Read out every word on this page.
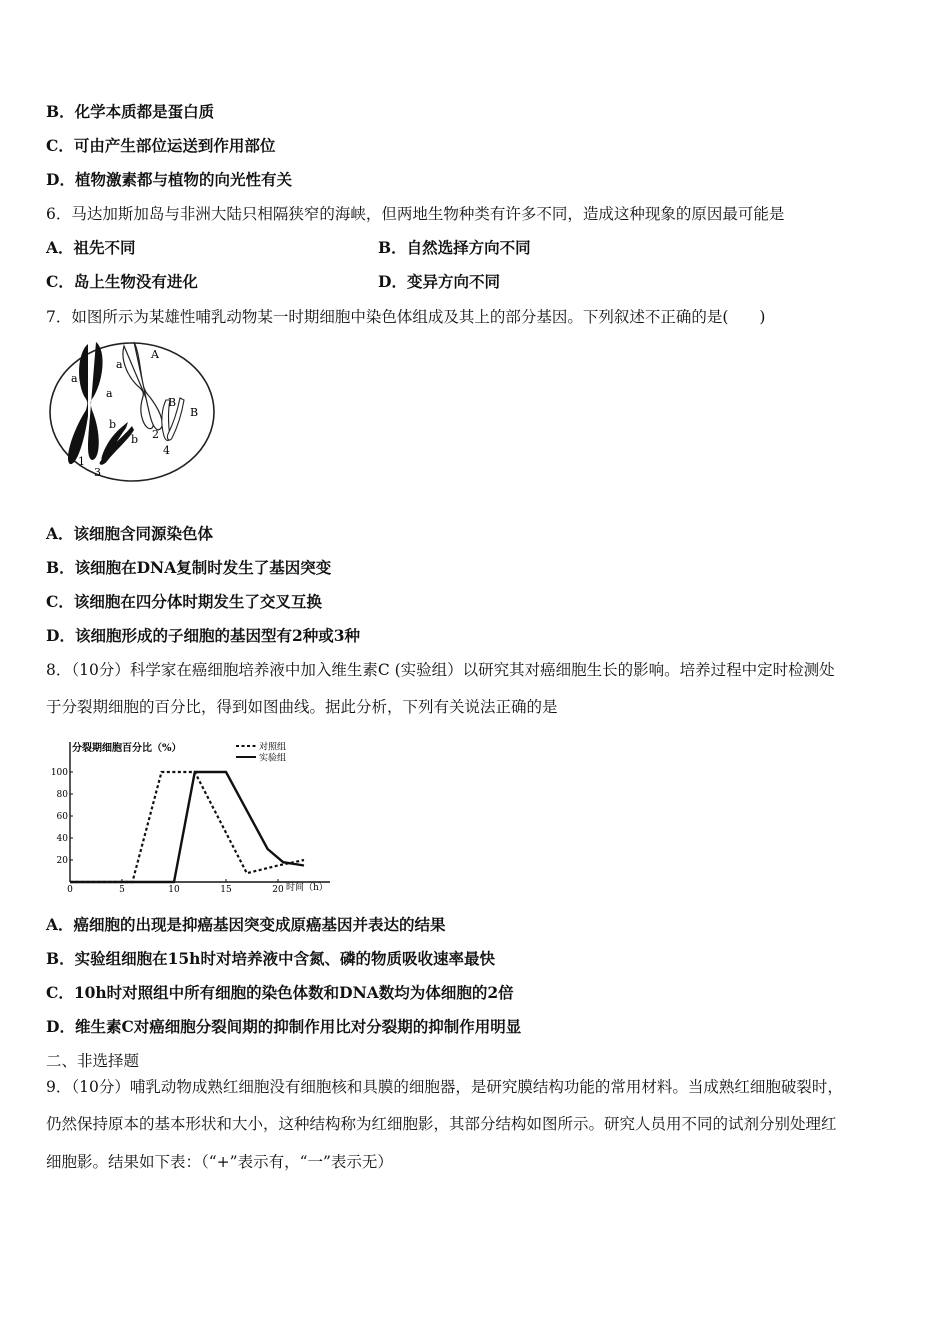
B．化学本质都是蛋白质
C．可由产生部位运送到作用部位
D．植物激素都与植物的向光性有关
6．马达加斯加岛与非洲大陆只相隔狭窄的海峡，但两地生物种类有许多不同，造成这种现象的原因最可能是
A．祖先不同	B．自然选择方向不同
C．岛上生物没有进化	D．变异方向不同
7．如图所示为某雄性哺乳动物某一时期细胞中染色体组成及其上的部分基因。下列叙述不正确的是(　　)
a
a
a
A
b
b
B
B
1
2
3
4
A．该细胞含同源染色体
B．该细胞在DNA复制时发生了基因突变
C．该细胞在四分体时期发生了交叉互换
D．该细胞形成的子细胞的基因型有2种或3种
8．（10分）科学家在癌细胞培养液中加入维生素C (实验组）以研究其对癌细胞生长的影响。培养过程中定时检测处
于分裂期细胞的百分比，得到如图曲线。据此分析，下列有关说法正确的是
分裂期细胞百分比（%）	对照组
实验组
0	5	10	15	20
20
40
60
80
100
时间（h）
A．癌细胞的出现是抑癌基因突变成原癌基因并表达的结果
B．实验组细胞在15h时对培养液中含氮、磷的物质吸收速率最快
C．10h时对照组中所有细胞的染色体数和DNA数均为体细胞的2倍
D．维生素C对癌细胞分裂间期的抑制作用比对分裂期的抑制作用明显
二、非选择题
9．（10分）哺乳动物成熟红细胞没有细胞核和具膜的细胞器，是研究膜结构功能的常用材料。当成熟红细胞破裂时，
仍然保持原本的基本形状和大小，这种结构称为红细胞影，其部分结构如图所示。研究人员用不同的试剂分别处理红
细胞影。结果如下表：（“+”表示有，“一”表示无）
